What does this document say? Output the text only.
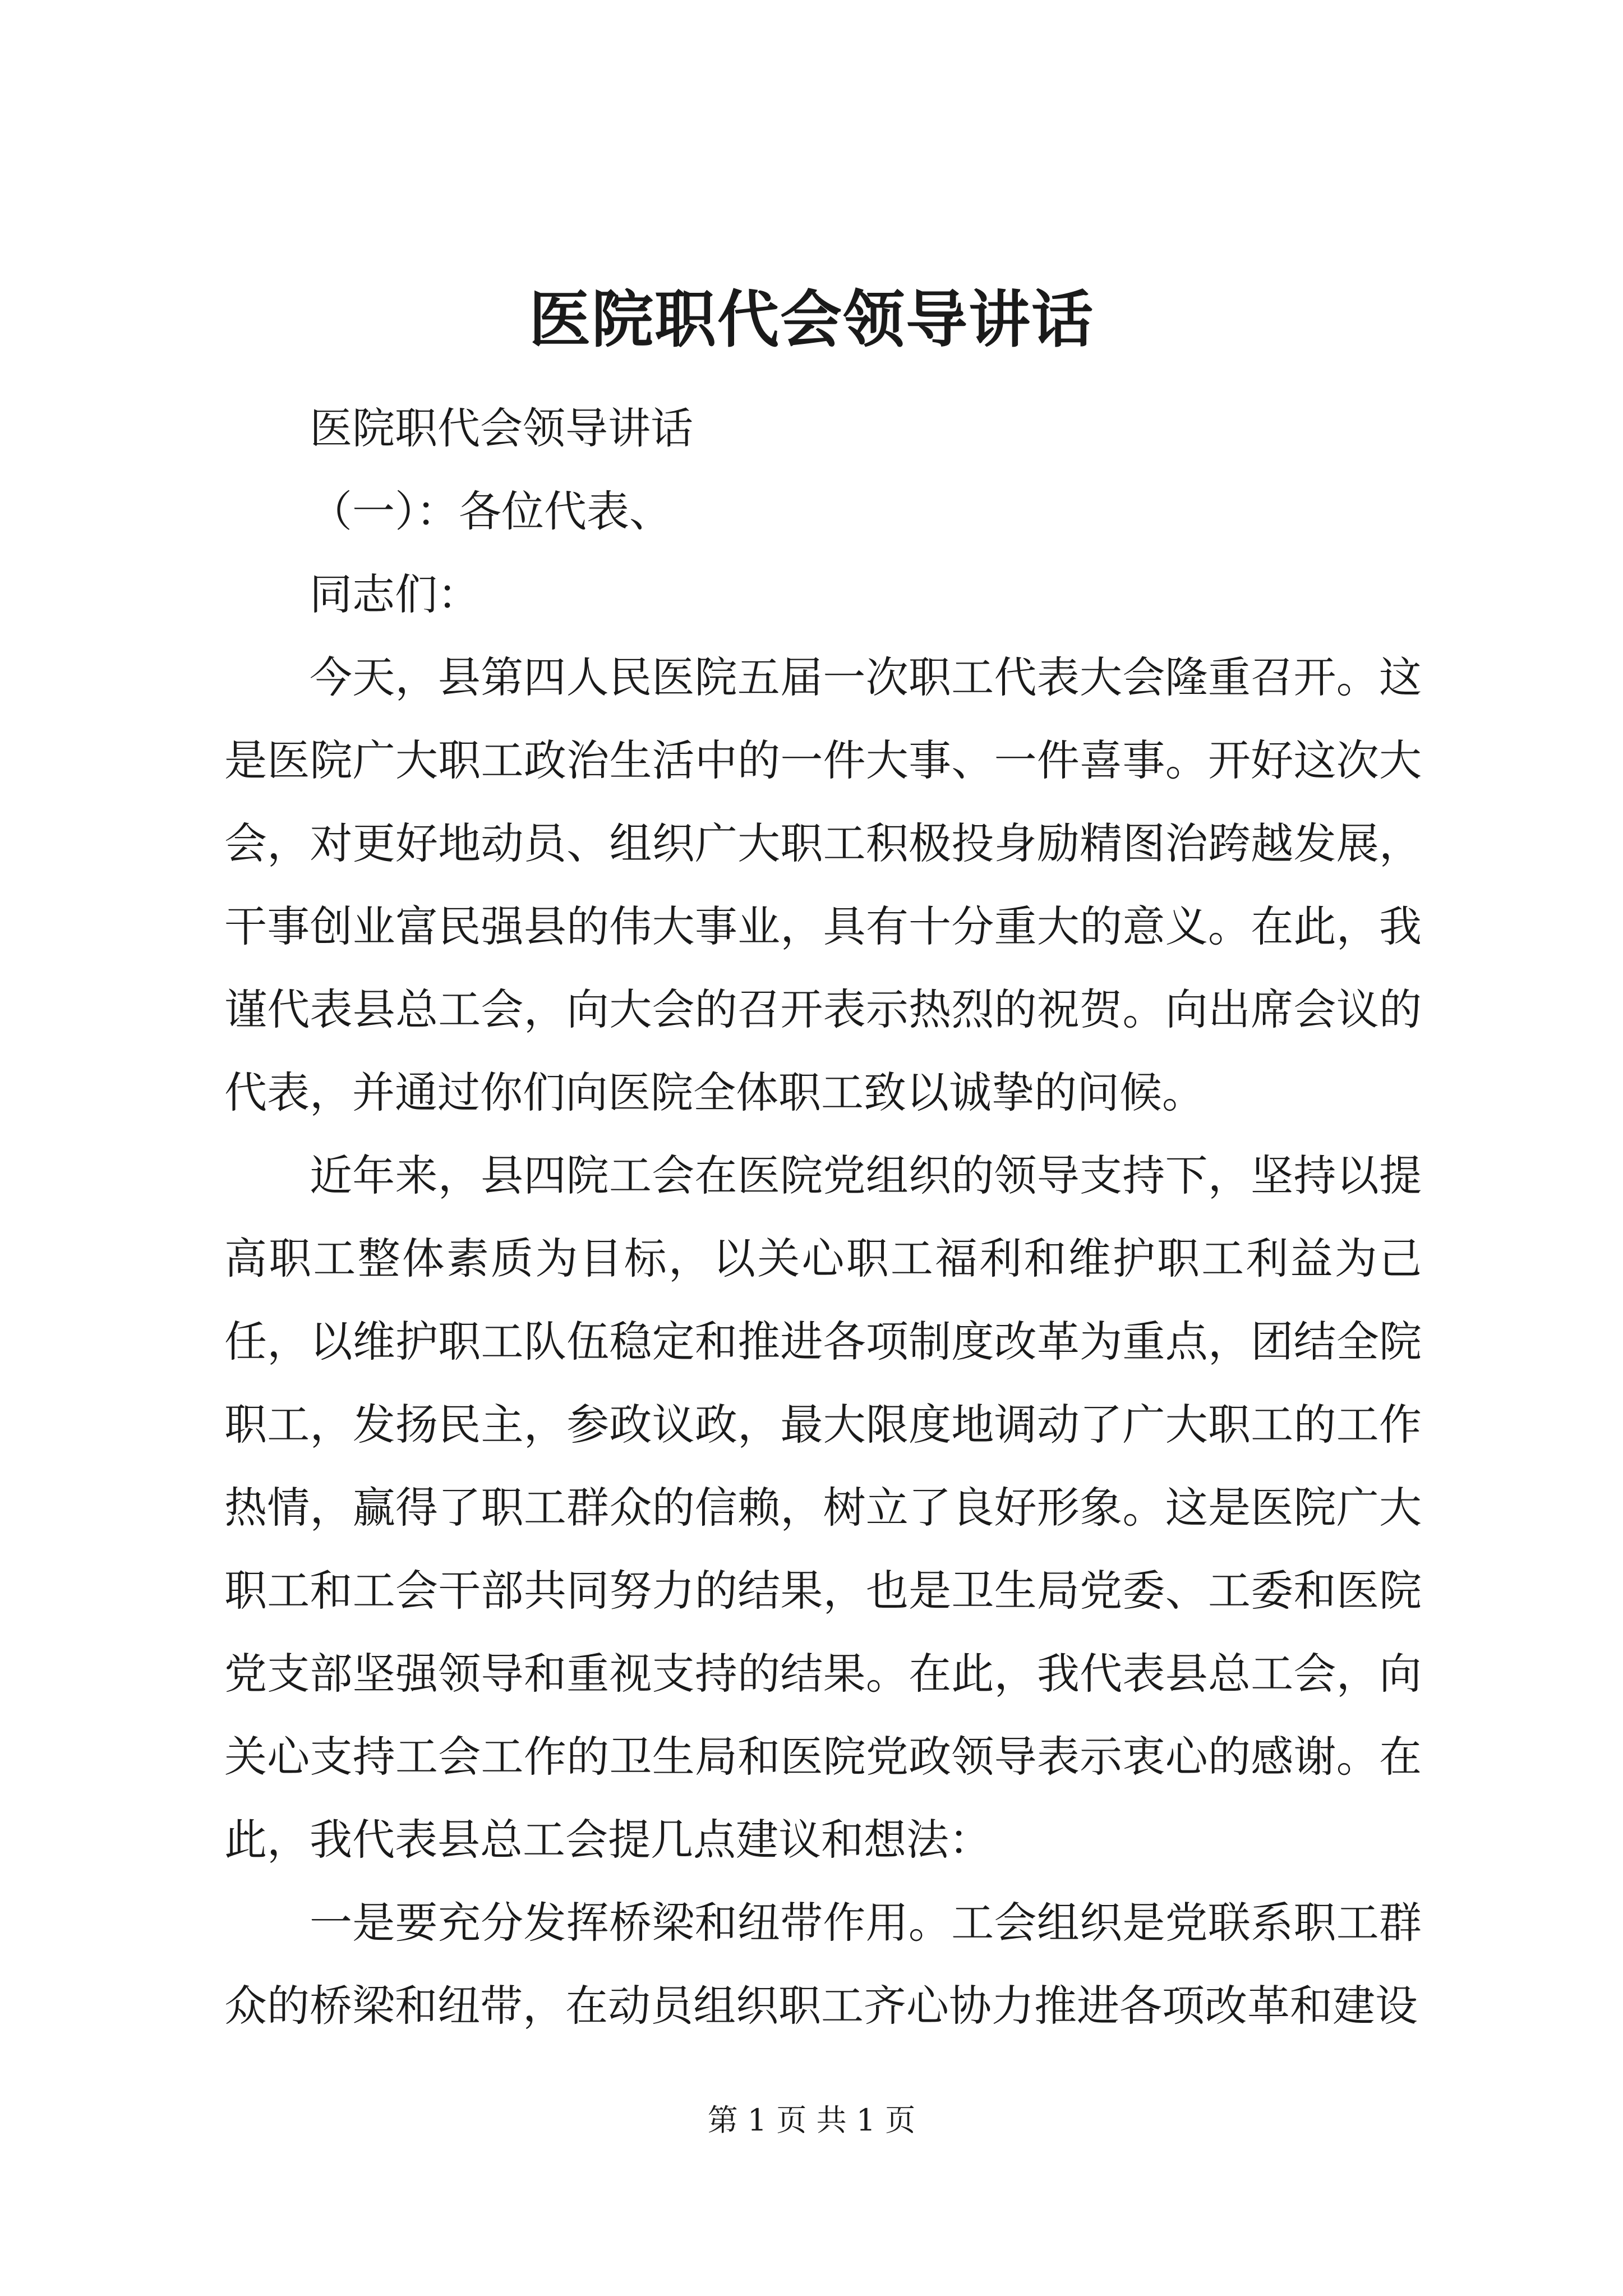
医院职代会领导讲话

医院职代会领导讲话

（一）：各位代表、

同志们：

今天，县第四人民医院五届一次职工代表大会隆重召开。这是医院广大职工政治生活中的一件大事、一件喜事。开好这次大会，对更好地动员、组织广大职工积极投身励精图治跨越发展，干事创业富民强县的伟大事业，具有十分重大的意义。在此，我谨代表县总工会，向大会的召开表示热烈的祝贺。向出席会议的代表，并通过你们向医院全体职工致以诚挚的问候。

近年来，县四院工会在医院党组织的领导支持下，坚持以提高职工整体素质为目标，以关心职工福利和维护职工利益为己任，以维护职工队伍稳定和推进各项制度改革为重点，团结全院职工，发扬民主，参政议政，最大限度地调动了广大职工的工作热情，赢得了职工群众的信赖，树立了良好形象。这是医院广大职工和工会干部共同努力的结果，也是卫生局党委、工委和医院党支部坚强领导和重视支持的结果。在此，我代表县总工会，向关心支持工会工作的卫生局和医院党政领导表示衷心的感谢。在此，我代表县总工会提几点建议和想法：

一是要充分发挥桥梁和纽带作用。工会组织是党联系职工群众的桥梁和纽带，在动员组织职工齐心协力推进各项改革和建设

第 1 页 共 1 页
